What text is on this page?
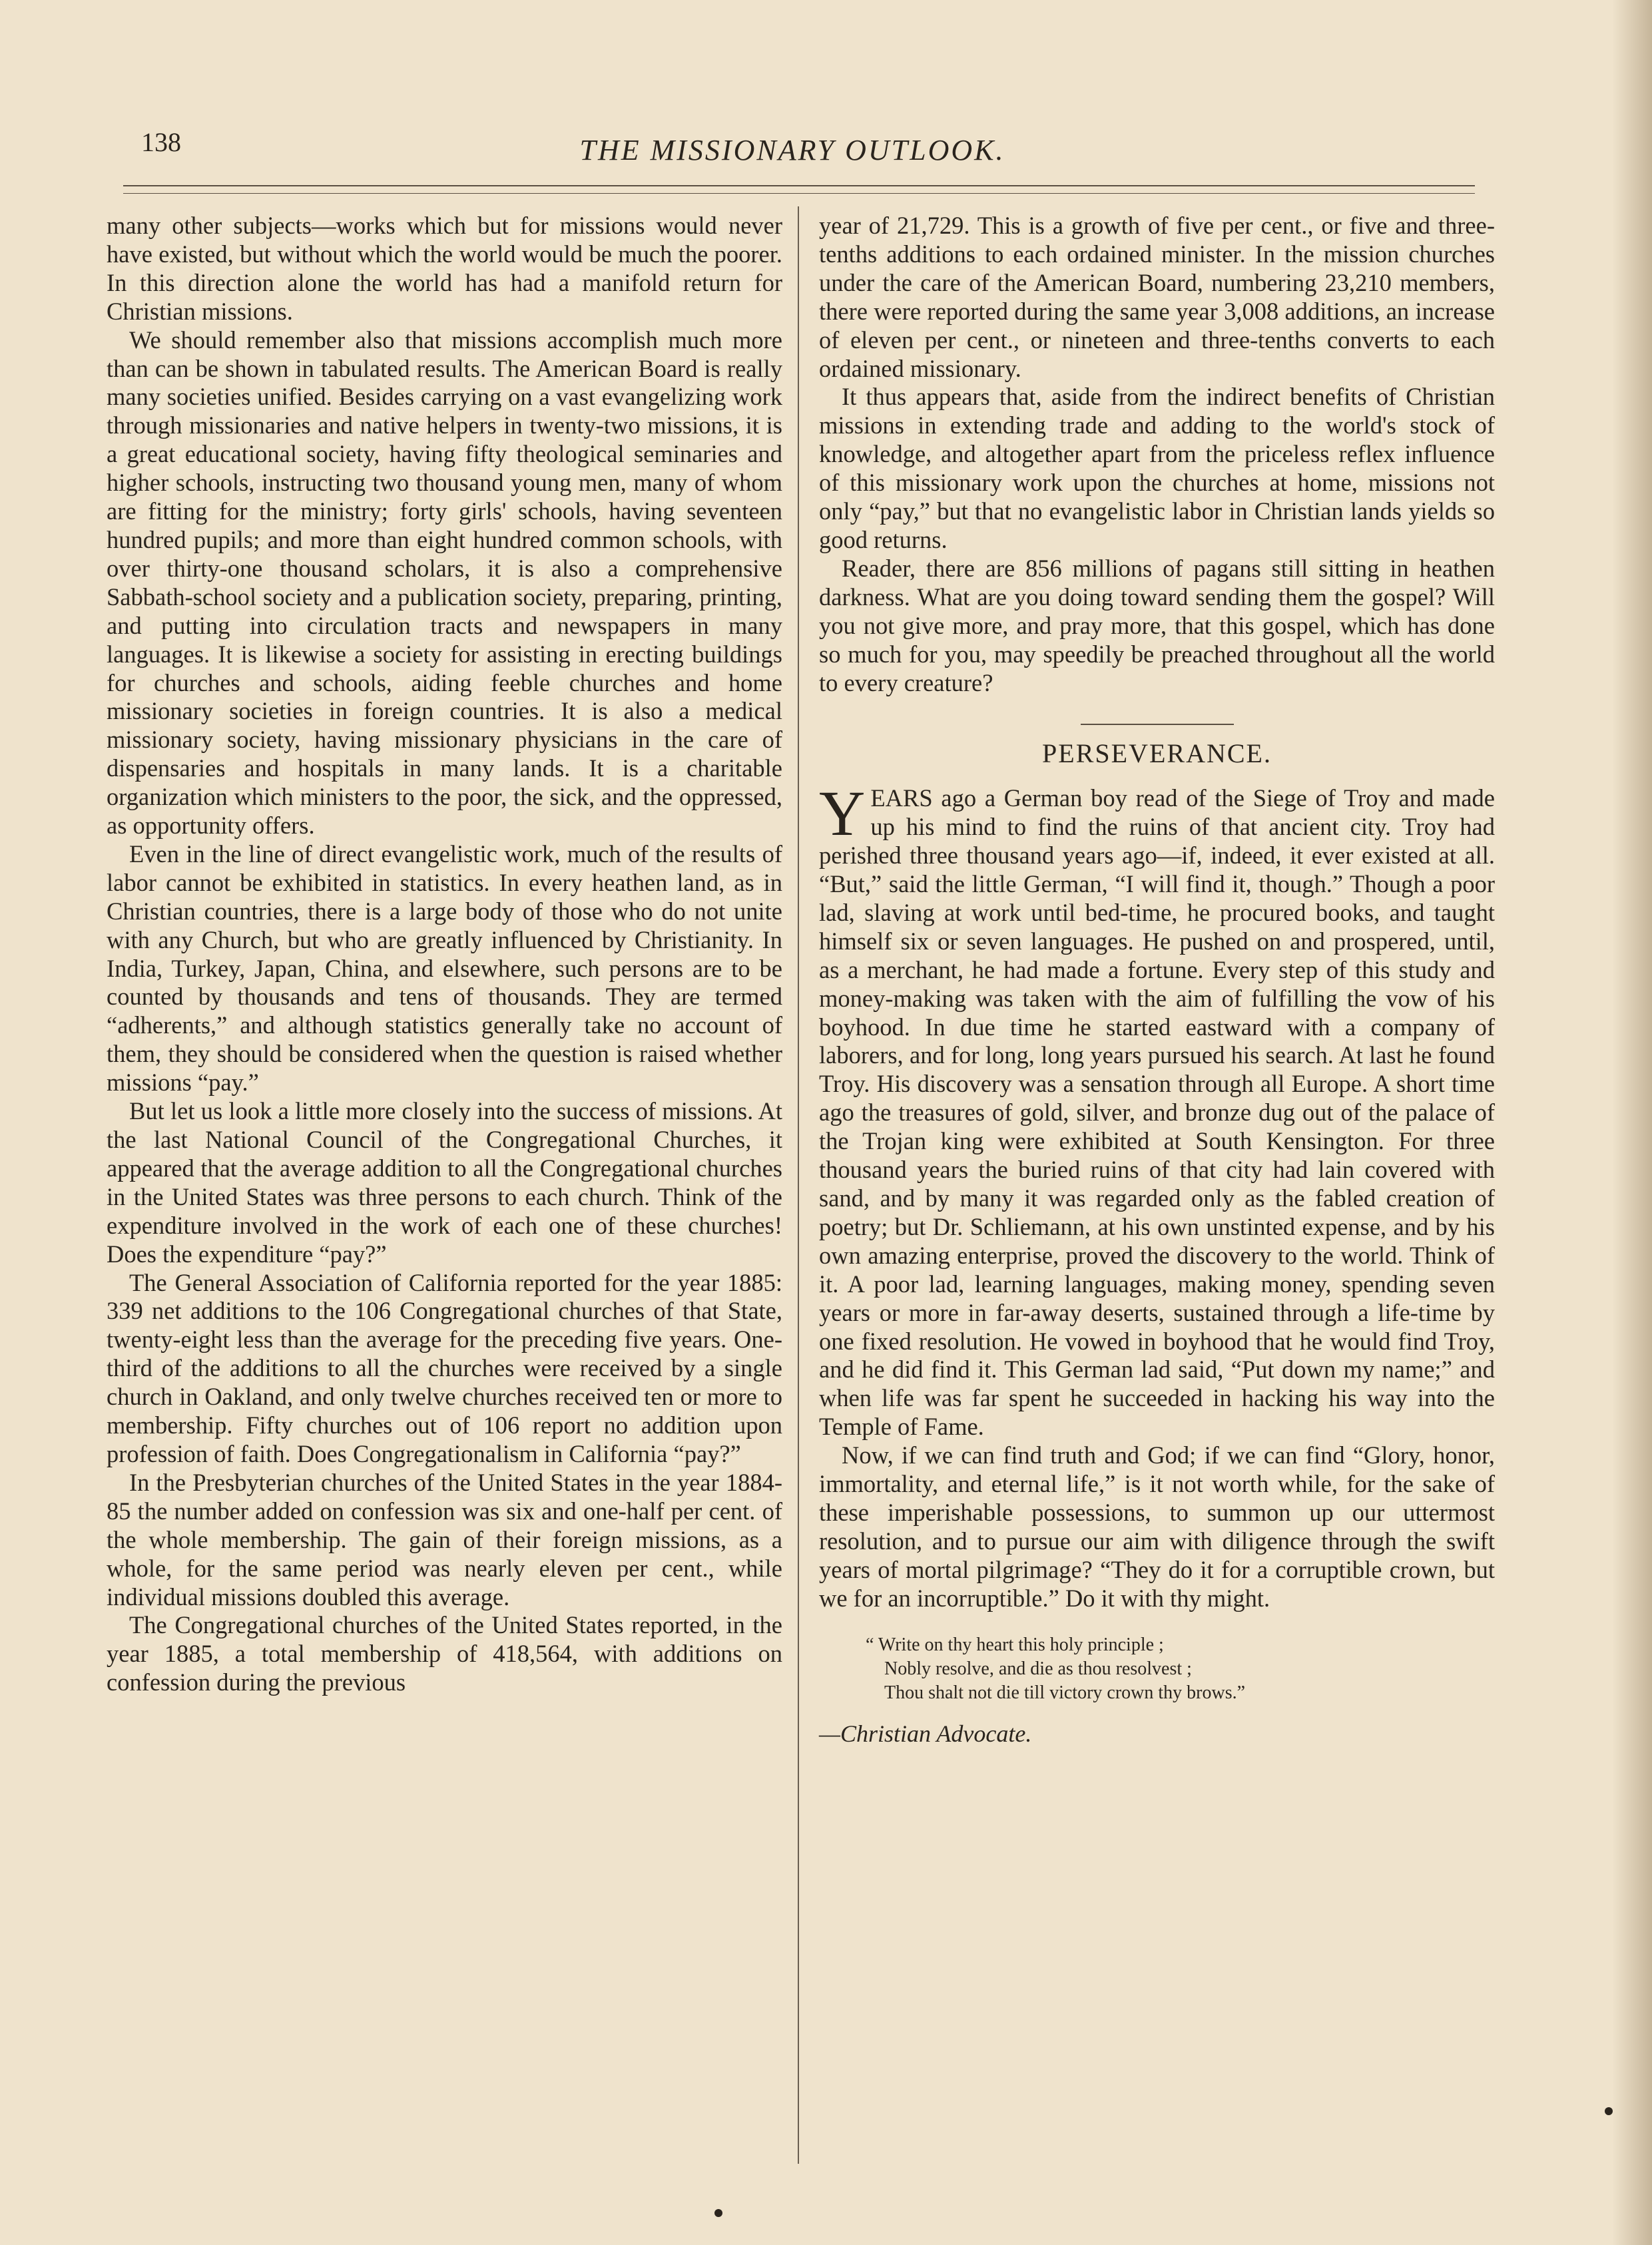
138	THE MISSIONARY OUTLOOK.

many other subjects—works which but for missions would never have existed, but without which the world would be much the poorer. In this direction alone the world has had a manifold return for Christian missions.

We should remember also that missions accomplish much more than can be shown in tabulated results. The American Board is really many societies unified. Besides carrying on a vast evangelizing work through missionaries and native helpers in twenty-two missions, it is a great educational society, having fifty theological seminaries and higher schools, instructing two thousand young men, many of whom are fitting for the ministry; forty girls' schools, having seventeen hundred pupils; and more than eight hundred common schools, with over thirty-one thousand scholars, it is also a comprehensive Sabbath-school society and a publication society, preparing, printing, and putting into circulation tracts and newspapers in many languages. It is likewise a society for assisting in erecting buildings for churches and schools, aiding feeble churches and home missionary societies in foreign countries. It is also a medical missionary society, having missionary physicians in the care of dispensaries and hospitals in many lands. It is a charitable organization which ministers to the poor, the sick, and the oppressed, as opportunity offers.

Even in the line of direct evangelistic work, much of the results of labor cannot be exhibited in statistics. In every heathen land, as in Christian countries, there is a large body of those who do not unite with any Church, but who are greatly influenced by Christianity. In India, Turkey, Japan, China, and elsewhere, such persons are to be counted by thousands and tens of thousands. They are termed “adherents,” and although statistics generally take no account of them, they should be considered when the question is raised whether missions “pay.”

But let us look a little more closely into the success of missions. At the last National Council of the Congregational Churches, it appeared that the average addition to all the Congregational churches in the United States was three persons to each church. Think of the expenditure involved in the work of each one of these churches! Does the expenditure “pay?”

The General Association of California reported for the year 1885: 339 net additions to the 106 Congregational churches of that State, twenty-eight less than the average for the preceding five years. One-third of the additions to all the churches were received by a single church in Oakland, and only twelve churches received ten or more to membership. Fifty churches out of 106 report no addition upon profession of faith. Does Congregationalism in California “pay?”

In the Presbyterian churches of the United States in the year 1884-85 the number added on confession was six and one-half per cent. of the whole membership. The gain of their foreign missions, as a whole, for the same period was nearly eleven per cent., while individual missions doubled this average.

The Congregational churches of the United States reported, in the year 1885, a total membership of 418,564, with additions on confession during the previous

year of 21,729. This is a growth of five per cent., or five and three-tenths additions to each ordained minister. In the mission churches under the care of the American Board, numbering 23,210 members, there were reported during the same year 3,008 additions, an increase of eleven per cent., or nineteen and three-tenths converts to each ordained missionary.

It thus appears that, aside from the indirect benefits of Christian missions in extending trade and adding to the world's stock of knowledge, and altogether apart from the priceless reflex influence of this missionary work upon the churches at home, missions not only “pay,” but that no evangelistic labor in Christian lands yields so good returns.

Reader, there are 856 millions of pagans still sitting in heathen darkness. What are you doing toward sending them the gospel? Will you not give more, and pray more, that this gospel, which has done so much for you, may speedily be preached throughout all the world to every creature?

PERSEVERANCE.

YEARS ago a German boy read of the Siege of Troy and made up his mind to find the ruins of that ancient city. Troy had perished three thousand years ago—if, indeed, it ever existed at all. “But,” said the little German, “I will find it, though.” Though a poor lad, slaving at work until bed-time, he procured books, and taught himself six or seven languages. He pushed on and prospered, until, as a merchant, he had made a fortune. Every step of this study and money-making was taken with the aim of fulfilling the vow of his boyhood. In due time he started eastward with a company of laborers, and for long, long years pursued his search. At last he found Troy. His discovery was a sensation through all Europe. A short time ago the treasures of gold, silver, and bronze dug out of the palace of the Trojan king were exhibited at South Kensington. For three thousand years the buried ruins of that city had lain covered with sand, and by many it was regarded only as the fabled creation of poetry; but Dr. Schliemann, at his own unstinted expense, and by his own amazing enterprise, proved the discovery to the world. Think of it. A poor lad, learning languages, making money, spending seven years or more in far-away deserts, sustained through a life-time by one fixed resolution. He vowed in boyhood that he would find Troy, and he did find it. This German lad said, “Put down my name;” and when life was far spent he succeeded in hacking his way into the Temple of Fame.

Now, if we can find truth and God; if we can find “Glory, honor, immortality, and eternal life,” is it not worth while, for the sake of these imperishable possessions, to summon up our uttermost resolution, and to pursue our aim with diligence through the swift years of mortal pilgrimage? “They do it for a corruptible crown, but we for an incorruptible.” Do it with thy might.

“ Write on thy heart this holy principle ;
Nobly resolve, and die as thou resolvest ;
Thou shalt not die till victory crown thy brows.”
—Christian Advocate.
